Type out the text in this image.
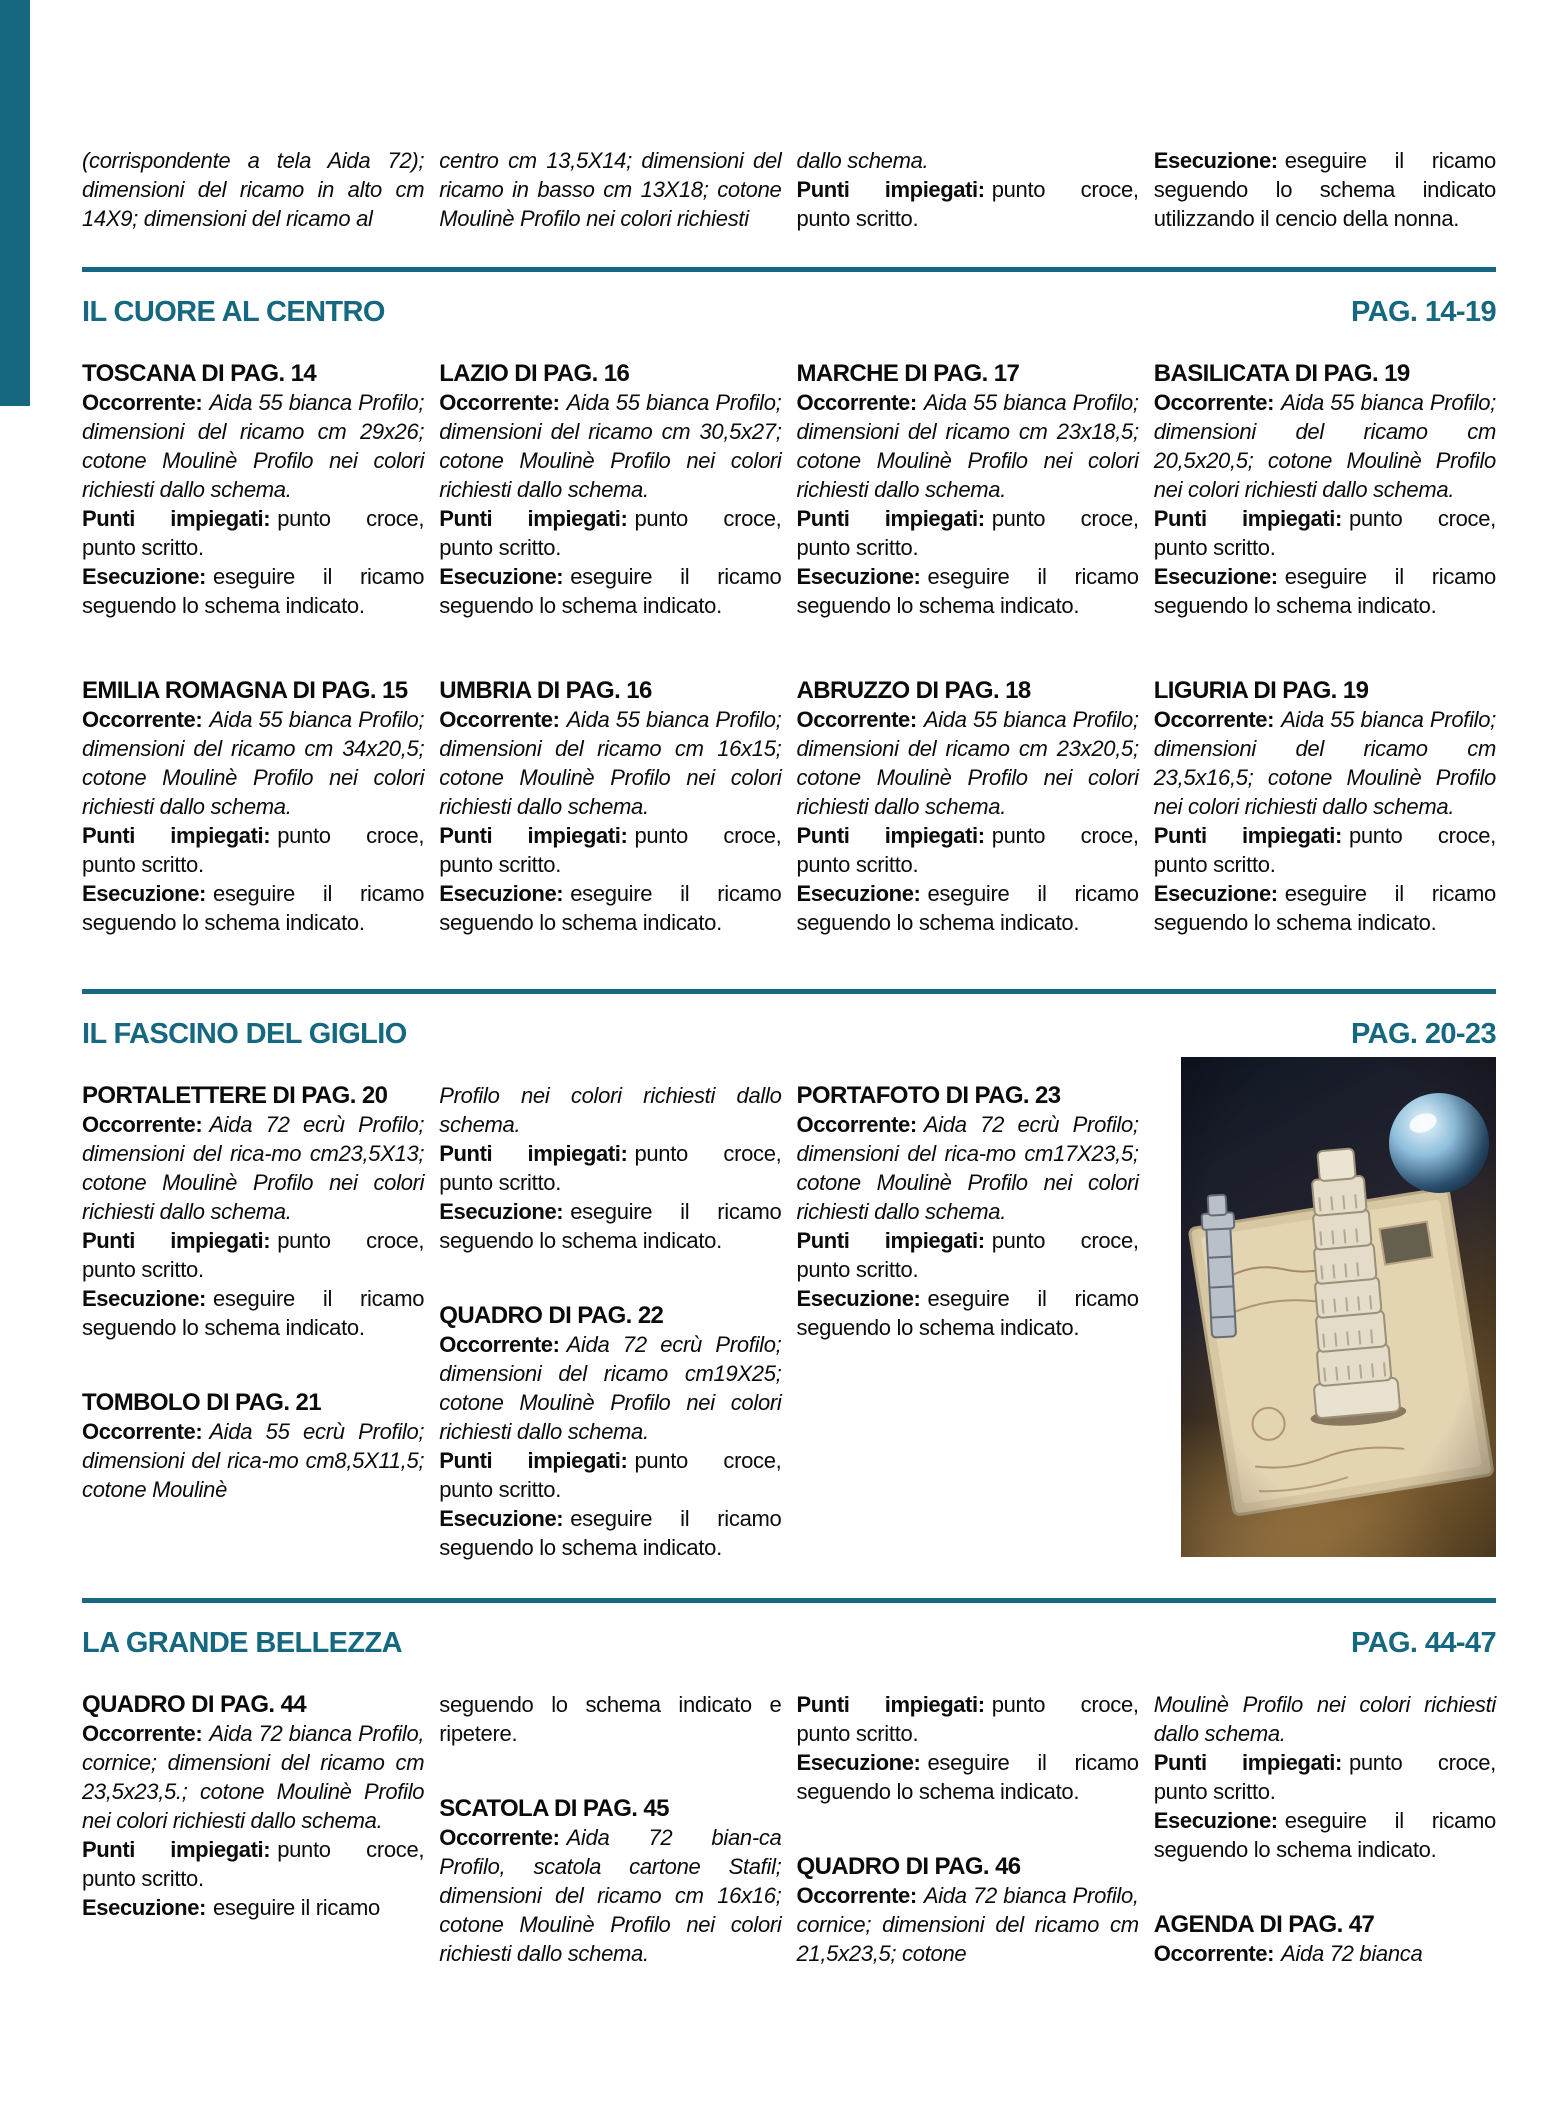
(corrispondente a tela Aida 72); dimensioni del ricamo in alto cm 14X9; dimensioni del ricamo al

centro cm 13,5X14; dimensioni del ricamo in basso cm 13X18; cotone Moulinè Profilo nei colori richiesti

dallo schema.

Punti impiegati: punto croce, punto scritto.

Esecuzione: eseguire il ricamo seguendo lo schema indicato utilizzando il cencio della nonna.

IL CUORE AL CENTRO	PAG. 14-19
TOSCANA DI PAG. 14

Occorrente: Aida 55 bianca Profilo; dimensioni del ricamo cm 29x26; cotone Moulinè Profilo nei colori richiesti dallo schema.

Punti impiegati: punto croce, punto scritto.

Esecuzione: eseguire il ricamo seguendo lo schema indicato.

LAZIO DI PAG. 16

Occorrente: Aida 55 bianca Profilo; dimensioni del ricamo cm 30,5x27; cotone Moulinè Profilo nei colori richiesti dallo schema.

Punti impiegati: punto croce, punto scritto.

Esecuzione: eseguire il ricamo seguendo lo schema indicato.

MARCHE DI PAG. 17

Occorrente: Aida 55 bianca Profilo; dimensioni del ricamo cm 23x18,5; cotone Moulinè Profilo nei colori richiesti dallo schema.

Punti impiegati: punto croce, punto scritto.

Esecuzione: eseguire il ricamo seguendo lo schema indicato.

BASILICATA DI PAG. 19

Occorrente: Aida 55 bianca Profilo; dimensioni del ricamo cm 20,5x20,5; cotone Moulinè Profilo nei colori richiesti dallo schema.

Punti impiegati: punto croce, punto scritto.

Esecuzione: eseguire il ricamo seguendo lo schema indicato.

EMILIA ROMAGNA DI PAG. 15

Occorrente: Aida 55 bianca Profilo; dimensioni del ricamo cm 34x20,5; cotone Moulinè Profilo nei colori richiesti dallo schema.

Punti impiegati: punto croce, punto scritto.

Esecuzione: eseguire il ricamo seguendo lo schema indicato.

UMBRIA DI PAG. 16

Occorrente: Aida 55 bianca Profilo; dimensioni del ricamo cm 16x15; cotone Moulinè Profilo nei colori richiesti dallo schema.

Punti impiegati: punto croce, punto scritto.

Esecuzione: eseguire il ricamo seguendo lo schema indicato.

ABRUZZO DI PAG. 18

Occorrente: Aida 55 bianca Profilo; dimensioni del ricamo cm 23x20,5; cotone Moulinè Profilo nei colori richiesti dallo schema.

Punti impiegati: punto croce, punto scritto.

Esecuzione: eseguire il ricamo seguendo lo schema indicato.

LIGURIA DI PAG. 19

Occorrente: Aida 55 bianca Profilo; dimensioni del ricamo cm 23,5x16,5; cotone Moulinè Profilo nei colori richiesti dallo schema.

Punti impiegati: punto croce, punto scritto.

Esecuzione: eseguire il ricamo seguendo lo schema indicato.

IL FASCINO DEL GIGLIO	PAG. 20-23
PORTALETTERE DI PAG. 20

Occorrente: Aida 72 ecrù Profilo; dimensioni del rica-mo cm23,5X13; cotone Moulinè Profilo nei colori richiesti dallo schema.

Punti impiegati: punto croce, punto scritto.

Esecuzione: eseguire il ricamo seguendo lo schema indicato.

TOMBOLO DI PAG. 21

Occorrente: Aida 55 ecrù Profilo; dimensioni del rica-mo cm8,5X11,5; cotone Moulinè

Profilo nei colori richiesti dallo schema.

Punti impiegati: punto croce, punto scritto.

Esecuzione: eseguire il ricamo seguendo lo schema indicato.

QUADRO DI PAG. 22

Occorrente: Aida 72 ecrù Profilo; dimensioni del ricamo cm19X25; cotone Moulinè Profilo nei colori richiesti dallo schema.

Punti impiegati: punto croce, punto scritto.

Esecuzione: eseguire il ricamo seguendo lo schema indicato.

PORTAFOTO DI PAG. 23

Occorrente: Aida 72 ecrù Profilo; dimensioni del rica-mo cm17X23,5; cotone Moulinè Profilo nei colori richiesti dallo schema.

Punti impiegati: punto croce, punto scritto.

Esecuzione: eseguire il ricamo seguendo lo schema indicato.

LA GRANDE BELLEZZA	PAG. 44-47
QUADRO DI PAG. 44

Occorrente: Aida 72 bianca Profilo, cornice; dimensioni del ricamo cm 23,5x23,5.; cotone Moulinè Profilo nei colori richiesti dallo schema.

Punti impiegati: punto croce, punto scritto.

Esecuzione: eseguire il ricamo

seguendo lo schema indicato e ripetere.

SCATOLA DI PAG. 45

Occorrente: Aida 72 bian-ca Profilo, scatola cartone Stafil; dimensioni del ricamo cm 16x16; cotone Moulinè Profilo nei colori richiesti dallo schema.

Punti impiegati: punto croce, punto scritto.

Esecuzione: eseguire il ricamo seguendo lo schema indicato.

QUADRO DI PAG. 46

Occorrente: Aida 72 bianca Profilo, cornice; dimensioni del ricamo cm 21,5x23,5; cotone

Moulinè Profilo nei colori richiesti dallo schema.

Punti impiegati: punto croce, punto scritto.

Esecuzione: eseguire il ricamo seguendo lo schema indicato.

AGENDA DI PAG. 47

Occorrente: Aida 72 bianca
